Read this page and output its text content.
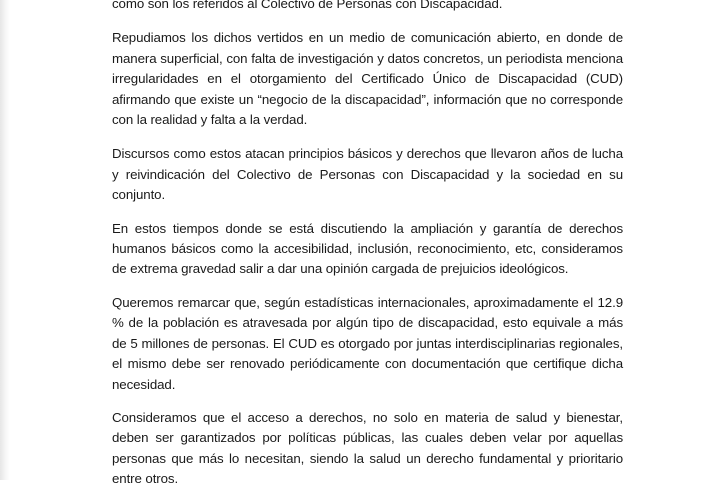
como son los referidos al Colectivo de Personas con Discapacidad.

Repudiamos los dichos vertidos en un medio de comunicación abierto, en donde de manera superficial, con falta de investigación y datos concretos, un periodista menciona irregularidades en el otorgamiento del Certificado Único de Discapacidad (CUD) afirmando que existe un “negocio de la discapacidad”, información que no corresponde con la realidad y falta a la verdad.

Discursos como estos atacan principios básicos y derechos que llevaron años de lucha y reivindicación del Colectivo de Personas con Discapacidad y la sociedad en su conjunto.

En estos tiempos donde se está discutiendo la ampliación y garantía de derechos humanos básicos como la accesibilidad, inclusión, reconocimiento, etc, consideramos de extrema gravedad salir a dar una opinión cargada de prejuicios ideológicos.

Queremos remarcar que, según estadísticas internacionales, aproximadamente el 12.9 % de la población es atravesada por algún tipo de discapacidad, esto equivale a más de 5 millones de personas. El CUD es otorgado por juntas interdisciplinarias regionales, el mismo debe ser renovado periódicamente con documentación que certifique dicha necesidad.

Consideramos que el acceso a derechos, no solo en materia de salud y bienestar, deben ser garantizados por políticas públicas, las cuales deben velar por aquellas personas que más lo necesitan, siendo la salud un derecho fundamental y prioritario entre otros.
